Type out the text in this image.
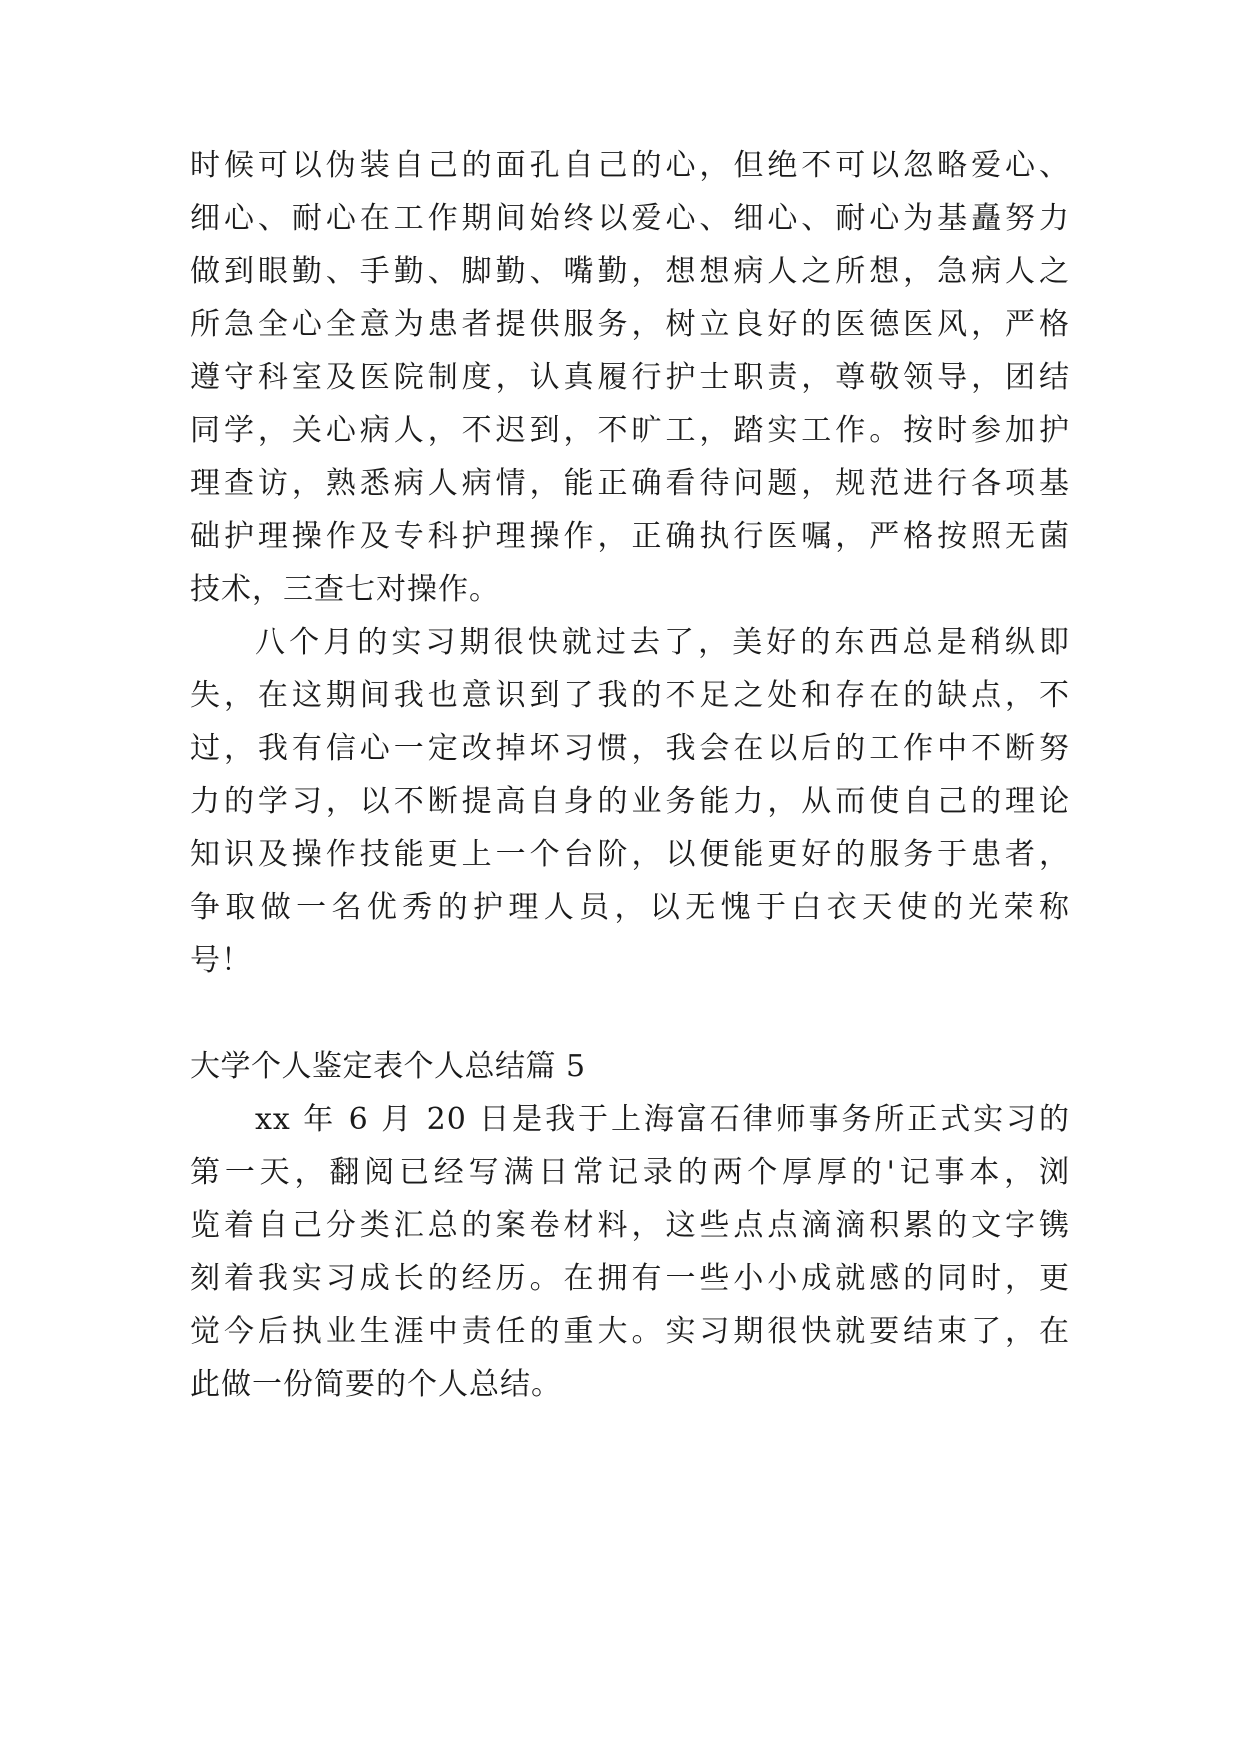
时候可以伪装自己的面孔自己的心，但绝不可以忽略爱心、
细心、耐心在工作期间始终以爱心、细心、耐心为基矗努力
做到眼勤、手勤、脚勤、嘴勤，想想病人之所想，急病人之
所急全心全意为患者提供服务，树立良好的医德医风，严格
遵守科室及医院制度，认真履行护士职责，尊敬领导，团结
同学，关心病人，不迟到，不旷工，踏实工作。按时参加护
理查访，熟悉病人病情，能正确看待问题，规范进行各项基
础护理操作及专科护理操作，正确执行医嘱，严格按照无菌
技术，三查七对操作。
八个月的实习期很快就过去了，美好的东西总是稍纵即
失，在这期间我也意识到了我的不足之处和存在的缺点，不
过，我有信心一定改掉坏习惯，我会在以后的工作中不断努
力的学习，以不断提高自身的业务能力，从而使自己的理论
知识及操作技能更上一个台阶，以便能更好的服务于患者，
争取做一名优秀的护理人员，以无愧于白衣天使的光荣称
号！
大学个人鉴定表个人总结篇 5
xx 年 6 月 20 日是我于上海富石律师事务所正式实习的
第一天，翻阅已经写满日常记录的两个厚厚的'记事本，浏
览着自己分类汇总的案卷材料，这些点点滴滴积累的文字镌
刻着我实习成长的经历。在拥有一些小小成就感的同时，更
觉今后执业生涯中责任的重大。实习期很快就要结束了，在
此做一份简要的个人总结。
